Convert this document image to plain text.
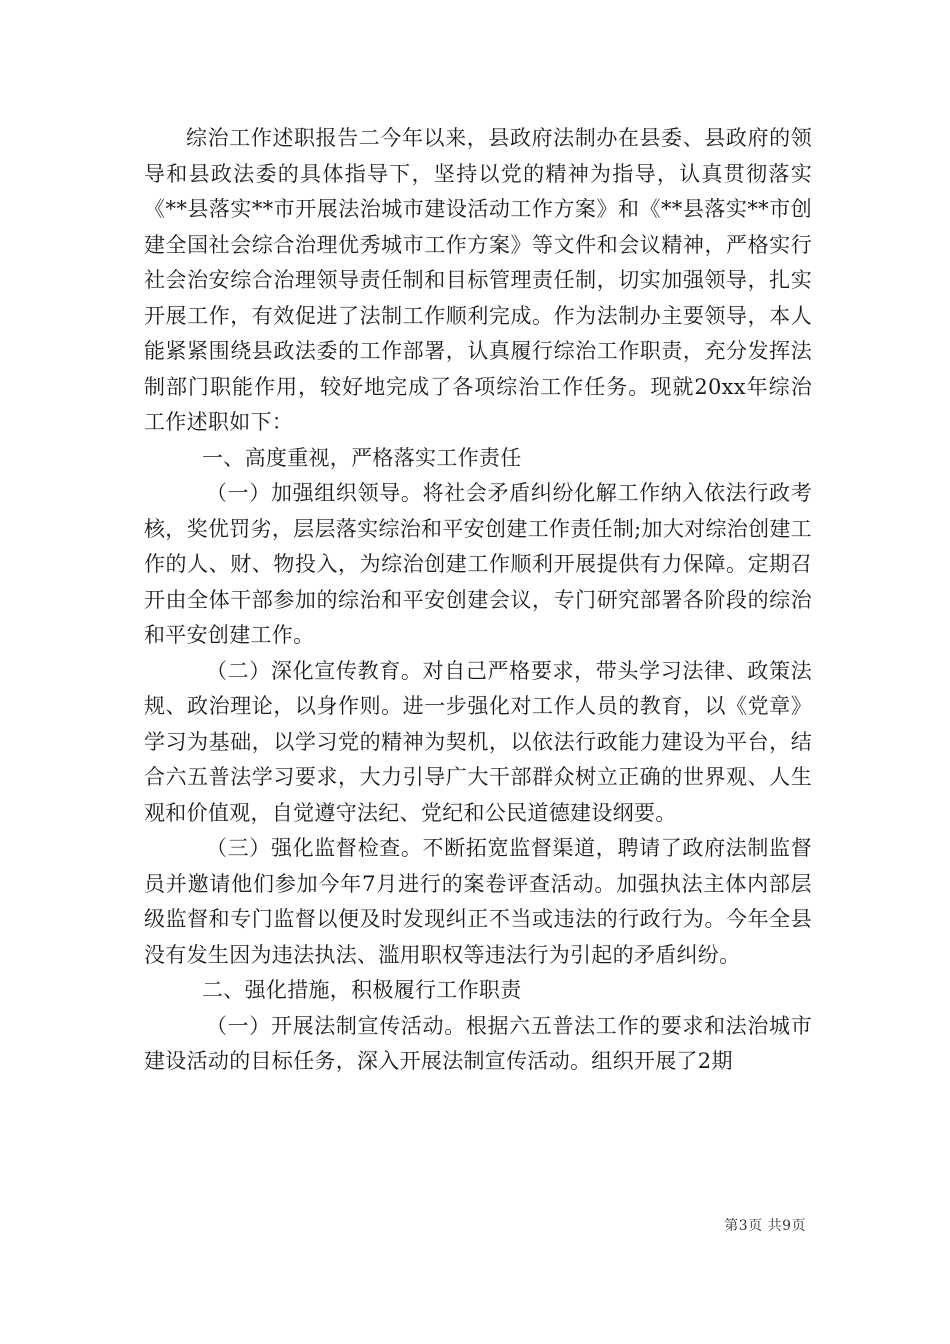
综治工作述职报告二今年以来，县政府法制办在县委、县政府的领导和县政法委的具体指导下，坚持以党的精神为指导，认真贯彻落实《**县落实**市开展法治城市建设活动工作方案》和《**县落实**市创建全国社会综合治理优秀城市工作方案》等文件和会议精神，严格实行社会治安综合治理领导责任制和目标管理责任制，切实加强领导，扎实开展工作，有效促进了法制工作顺利完成。作为法制办主要领导，本人能紧紧围绕县政法委的工作部署，认真履行综治工作职责，充分发挥法制部门职能作用，较好地完成了各项综治工作任务。现就20xx年综治工作述职如下：

一、高度重视，严格落实工作责任

（一）加强组织领导。将社会矛盾纠纷化解工作纳入依法行政考核，奖优罚劣，层层落实综治和平安创建工作责任制;加大对综治创建工作的人、财、物投入，为综治创建工作顺利开展提供有力保障。定期召开由全体干部参加的综治和平安创建会议，专门研究部署各阶段的综治和平安创建工作。

（二）深化宣传教育。对自己严格要求，带头学习法律、政策法规、政治理论，以身作则。进一步强化对工作人员的教育，以《党章》学习为基础，以学习党的精神为契机，以依法行政能力建设为平台，结合六五普法学习要求，大力引导广大干部群众树立正确的世界观、人生观和价值观，自觉遵守法纪、党纪和公民道德建设纲要。

（三）强化监督检查。不断拓宽监督渠道，聘请了政府法制监督员并邀请他们参加今年7月进行的案卷评查活动。加强执法主体内部层级监督和专门监督以便及时发现纠正不当或违法的行政行为。今年全县没有发生因为违法执法、滥用职权等违法行为引起的矛盾纠纷。

二、强化措施，积极履行工作职责

（一）开展法制宣传活动。根据六五普法工作的要求和法治城市建设活动的目标任务，深入开展法制宣传活动。组织开展了2期

第3页 共9页
